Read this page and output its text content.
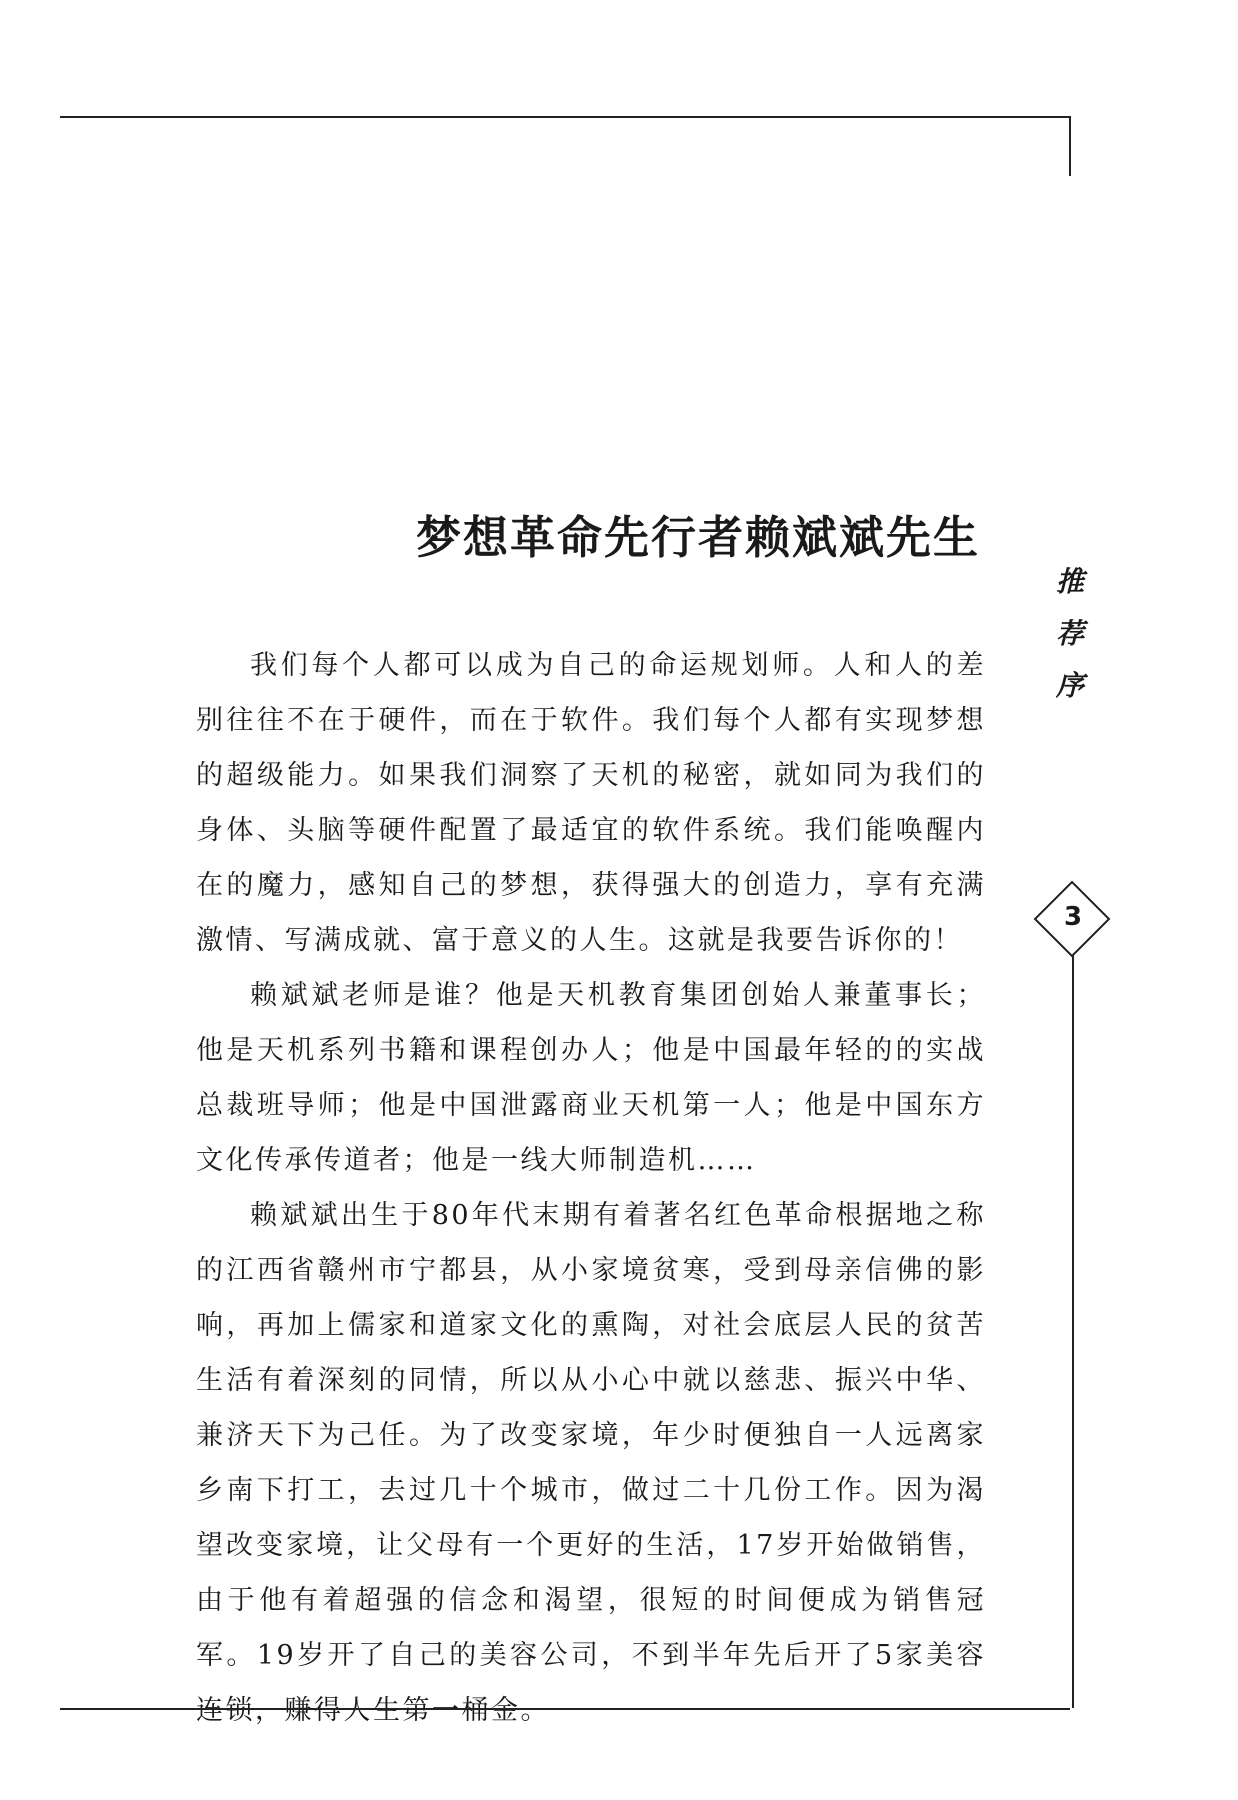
梦想革命先行者赖斌斌先生
推
荐
序
3

我们每个人都可以成为自己的命运规划师。人和人的差别往往不在于硬件，而在于软件。我们每个人都有实现梦想的超级能力。如果我们洞察了天机的秘密，就如同为我们的身体、头脑等硬件配置了最适宜的软件系统。我们能唤醒内在的魔力，感知自己的梦想，获得强大的创造力，享有充满激情、写满成就、富于意义的人生。这就是我要告诉你的！

赖斌斌老师是谁？他是天机教育集团创始人兼董事长；他是天机系列书籍和课程创办人；他是中国最年轻的的实战总裁班导师；他是中国泄露商业天机第一人；他是中国东方文化传承传道者；他是一线大师制造机……

赖斌斌出生于80年代末期有着著名红色革命根据地之称的江西省赣州市宁都县，从小家境贫寒，受到母亲信佛的影响，再加上儒家和道家文化的熏陶，对社会底层人民的贫苦生活有着深刻的同情，所以从小心中就以慈悲、振兴中华、兼济天下为己任。为了改变家境，年少时便独自一人远离家乡南下打工，去过几十个城市，做过二十几份工作。因为渴望改变家境，让父母有一个更好的生活，17岁开始做销售，由于他有着超强的信念和渴望，很短的时间便成为销售冠军。19岁开了自己的美容公司，不到半年先后开了5家美容连锁，赚得人生第一桶金。
